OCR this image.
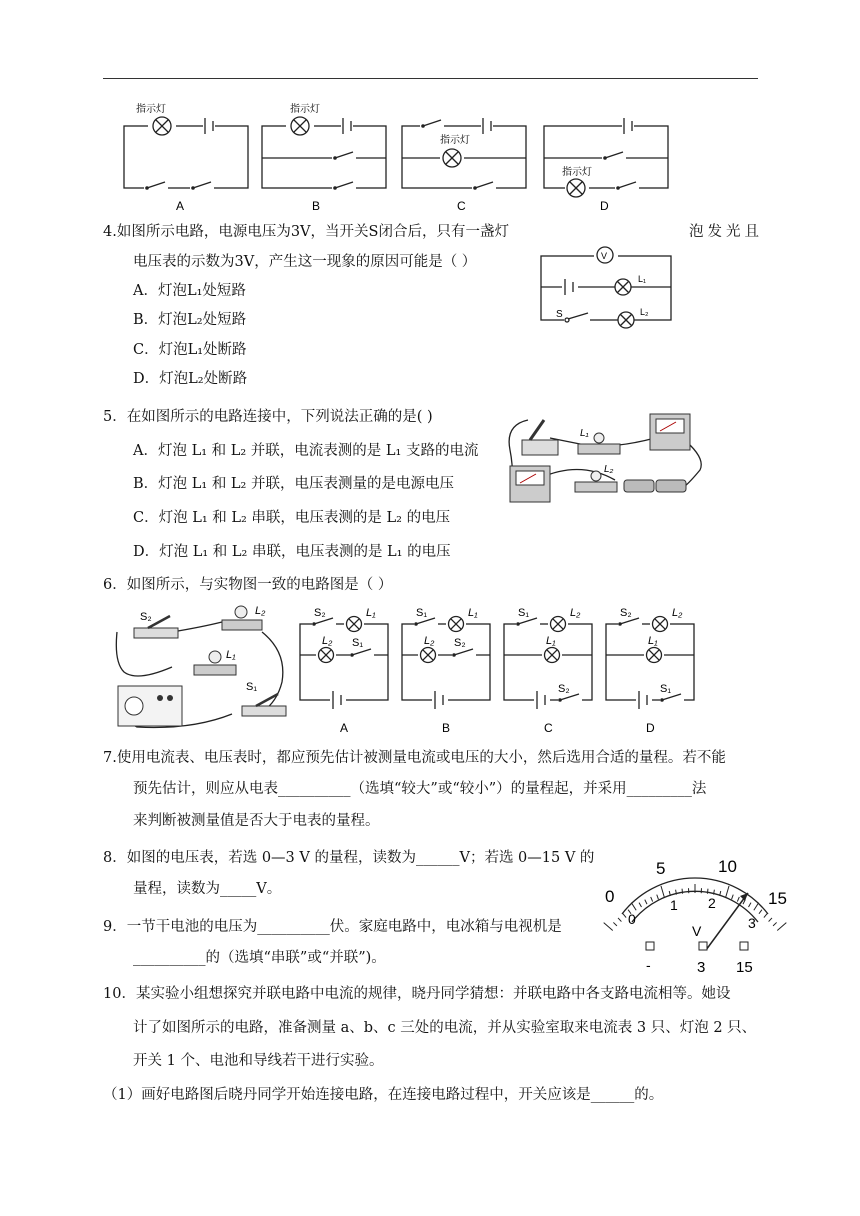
指示灯
A
指示灯
B
指示灯
C
指示灯
D
4.如图所示电路，电源电压为3V，当开关S闭合后，只有一盏灯	泡发光且
电压表的示数为3V，产生这一现象的原因可能是（ ）
A．灯泡L₁处短路
B．灯泡L₂处短路
C．灯泡L₁处断路
D．灯泡L₂处断路
V
L₁
S	L₂
5．在如图所示的电路连接中，下列说法正确的是( )
A．灯泡 L₁ 和 L₂ 并联，电流表测的是 L₁ 支路的电流
B．灯泡 L₁ 和 L₂ 并联，电压表测量的是电源电压
C．灯泡 L₁ 和 L₂ 串联，电压表测的是 L₂ 的电压
D．灯泡 L₁ 和 L₂ 串联，电压表测的是 L₁ 的电压
L₁
L₂
6．如图所示，与实物图一致的电路图是（ ）
S₂	L₂
L₁
S₁
S₂	L₁
L₂ S₁
A
S₁	L₁
L₂ S₂
B
S₁	L₂
L₁
S₂
C
S₂	L₂
L₁
S₁
D
7.使用电流表、电压表时，都应预先估计被测量电流或电压的大小，然后选用合适的量程。若不能
预先估计，则应从电表__________（选填“较大”或“较小”）的量程起，并采用_________法
来判断被测量值是否大于电表的量程。
8．如图的电压表，若选 0—3 V 的量程，读数为______V；若选 0—15 V 的
量程，读数为_____V。	0
5	10
15
0
1 2
3
V
-	3 15
9．一节干电池的电压为__________伏。家庭电路中，电冰箱与电视机是
__________的（选填“串联”或“并联”)。
10．某实验小组想探究并联电路中电流的规律，晓丹同学猜想：并联电路中各支路电流相等。她设
计了如图所示的电路，准备测量 a、b、c 三处的电流，并从实验室取来电流表 3 只、灯泡 2 只、
开关 1 个、电池和导线若干进行实验。
（1）画好电路图后晓丹同学开始连接电路，在连接电路过程中，开关应该是______的。
